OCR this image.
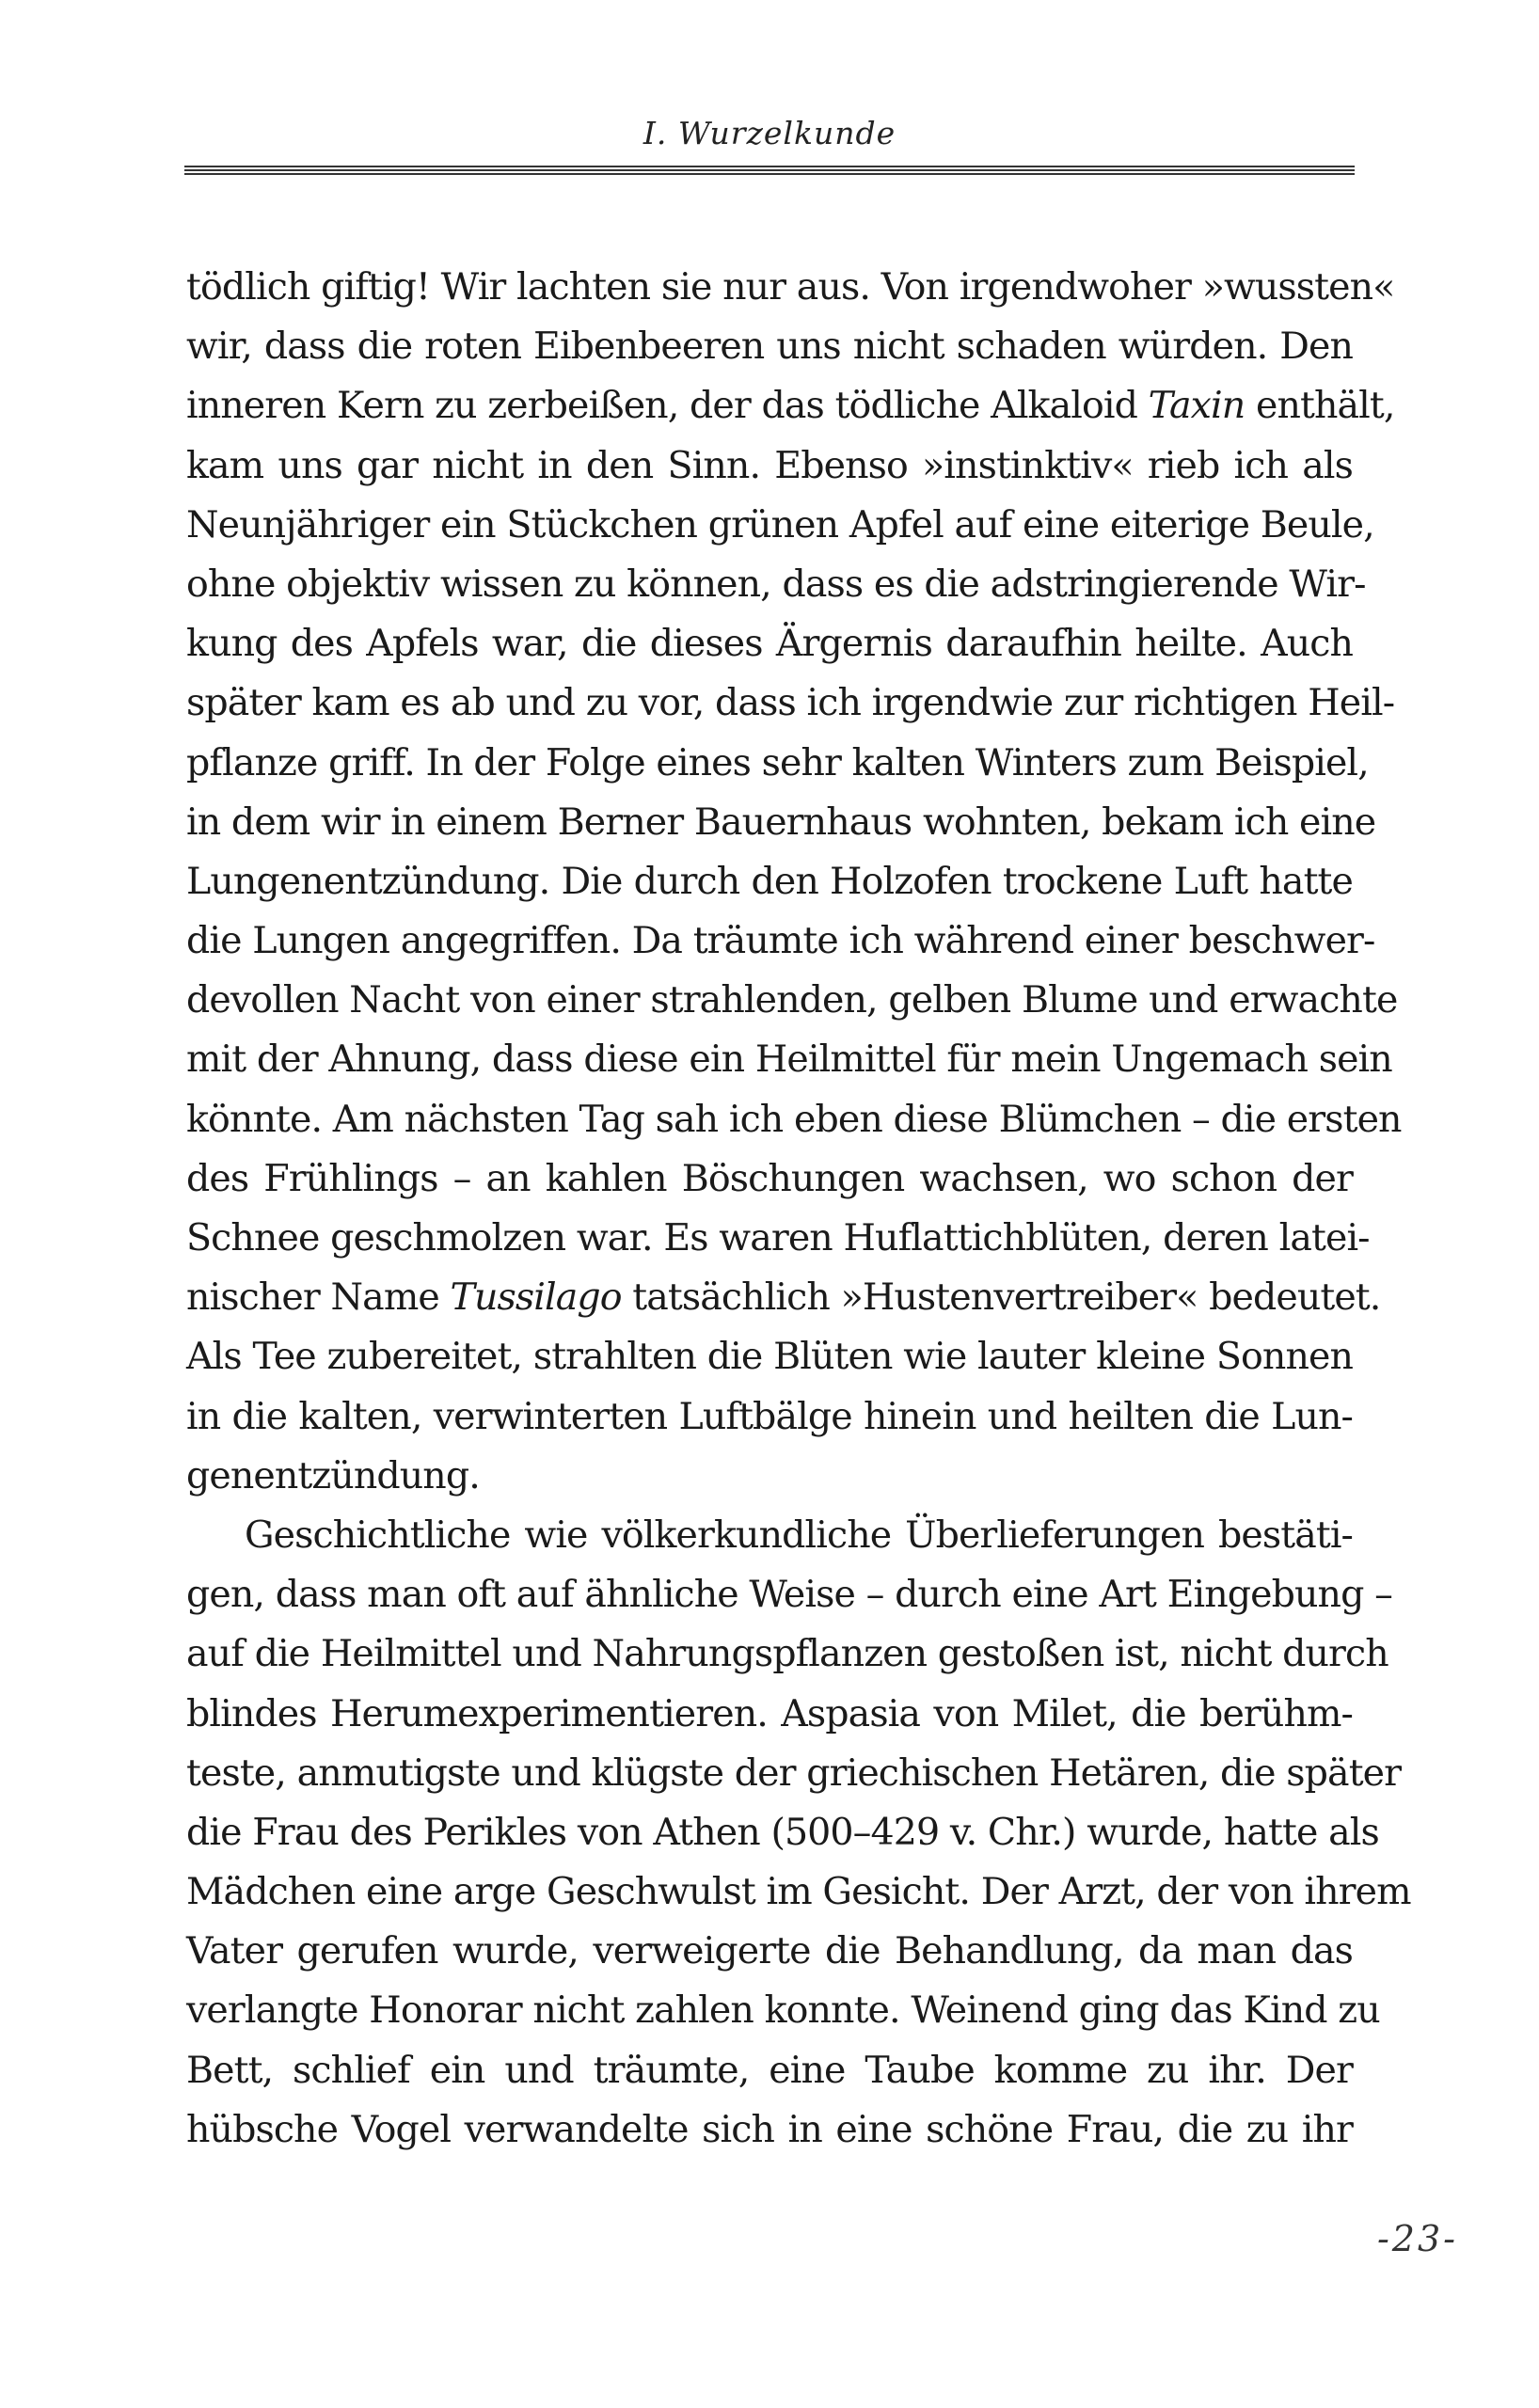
I. Wurzelkunde
tödlich giftig! Wir lachten sie nur aus. Von irgendwoher »wussten«
wir, dass die roten Eibenbeeren uns nicht schaden würden. Den
inneren Kern zu zerbeißen, der das tödliche Alkaloid Taxin enthält,
kam uns gar nicht in den Sinn. Ebenso »instinktiv« rieb ich als
Neunjähriger ein Stückchen grünen Apfel auf eine eiterige Beule,
ohne objektiv wissen zu können, dass es die adstringierende Wir-
kung des Apfels war, die dieses Ärgernis daraufhin heilte. Auch
später kam es ab und zu vor, dass ich irgendwie zur richtigen Heil-
pflanze griff. In der Folge eines sehr kalten Winters zum Beispiel,
in dem wir in einem Berner Bauernhaus wohnten, bekam ich eine
Lungenentzündung. Die durch den Holzofen trockene Luft hatte
die Lungen angegriffen. Da träumte ich während einer beschwer-
devollen Nacht von einer strahlenden, gelben Blume und erwachte
mit der Ahnung, dass diese ein Heilmittel für mein Ungemach sein
könnte. Am nächsten Tag sah ich eben diese Blümchen – die ersten
des Frühlings – an kahlen Böschungen wachsen, wo schon der
Schnee geschmolzen war. Es waren Huflattichblüten, deren latei-
nischer Name Tussilago tatsächlich »Hustenvertreiber« bedeutet.
Als Tee zubereitet, strahlten die Blüten wie lauter kleine Sonnen
in die kalten, verwinterten Luftbälge hinein und heilten die Lun-
genentzündung.
Geschichtliche wie völkerkundliche Überlieferungen bestäti-
gen, dass man oft auf ähnliche Weise – durch eine Art Eingebung –
auf die Heilmittel und Nahrungspflanzen gestoßen ist, nicht durch
blindes Herumexperimentieren. Aspasia von Milet, die berühm-
teste, anmutigste und klügste der griechischen Hetären, die später
die Frau des Perikles von Athen (500–429 v. Chr.) wurde, hatte als
Mädchen eine arge Geschwulst im Gesicht. Der Arzt, der von ihrem
Vater gerufen wurde, verweigerte die Behandlung, da man das
verlangte Honorar nicht zahlen konnte. Weinend ging das Kind zu
Bett, schlief ein und träumte, eine Taube komme zu ihr. Der
hübsche Vogel verwandelte sich in eine schöne Frau, die zu ihr
-23-
